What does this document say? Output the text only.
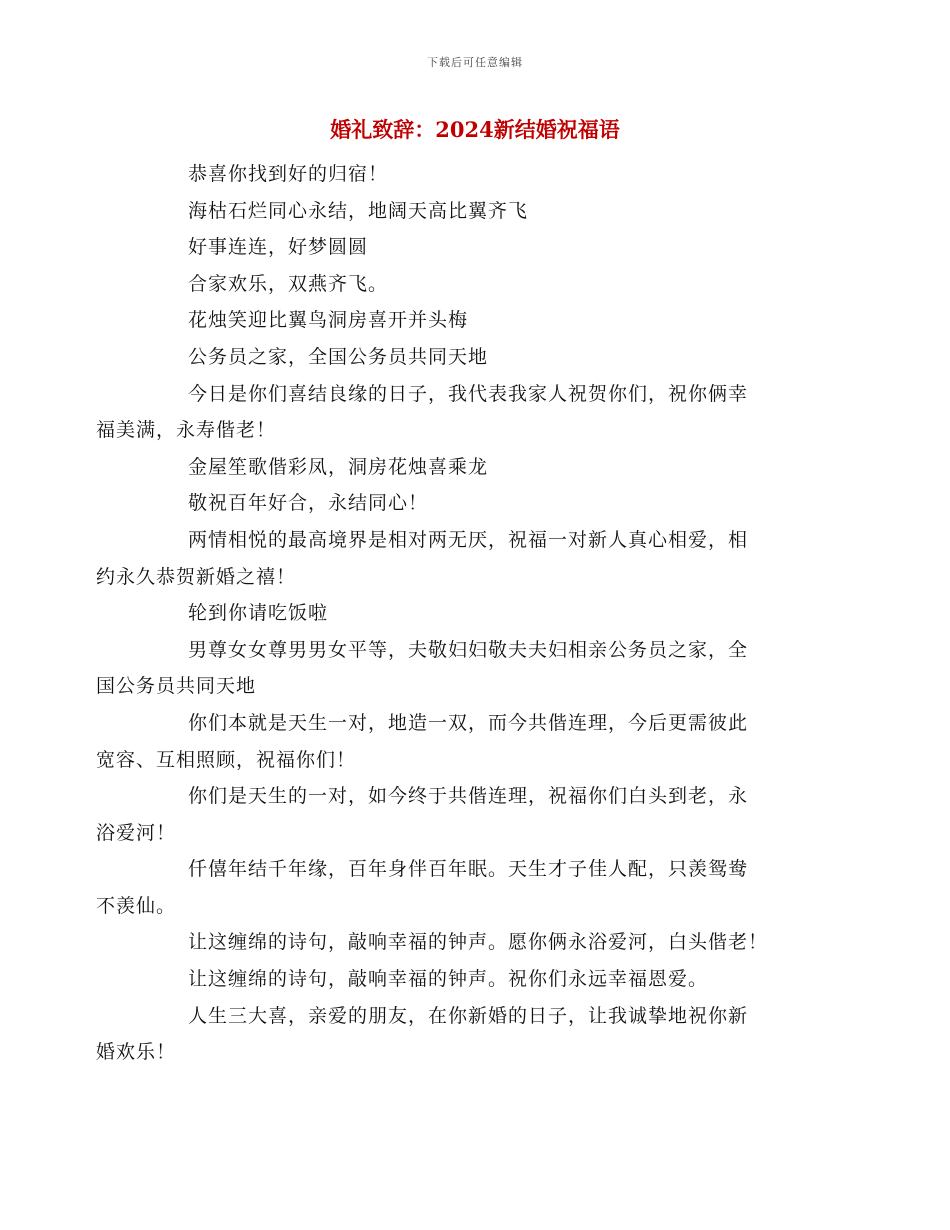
下载后可任意编辑
婚礼致辞：2024新结婚祝福语

恭喜你找到好的归宿！

海枯石烂同心永结，地阔天高比翼齐飞

好事连连，好梦圆圆

合家欢乐，双燕齐飞。

花烛笑迎比翼鸟洞房喜开并头梅

公务员之家，全国公务员共同天地

今日是你们喜结良缘的日子，我代表我家人祝贺你们，祝你俩幸
福美满，永寿偕老！

金屋笙歌偕彩凤，洞房花烛喜乘龙

敬祝百年好合，永结同心！

两情相悦的最高境界是相对两无厌，祝福一对新人真心相爱，相
约永久恭贺新婚之禧！

轮到你请吃饭啦

男尊女女尊男男女平等，夫敬妇妇敬夫夫妇相亲公务员之家，全
国公务员共同天地

你们本就是天生一对，地造一双，而今共偕连理，今后更需彼此
宽容、互相照顾，祝福你们！

你们是天生的一对，如今终于共偕连理，祝福你们白头到老，永
浴爱河！

仟僖年结千年缘，百年身伴百年眠。天生才子佳人配，只羡鸳鸯
不羡仙。

让这缠绵的诗句，敲响幸福的钟声。愿你俩永浴爱河，白头偕老！

让这缠绵的诗句，敲响幸福的钟声。祝你们永远幸福恩爱。

人生三大喜，亲爱的朋友，在你新婚的日子，让我诚挚地祝你新
婚欢乐！
